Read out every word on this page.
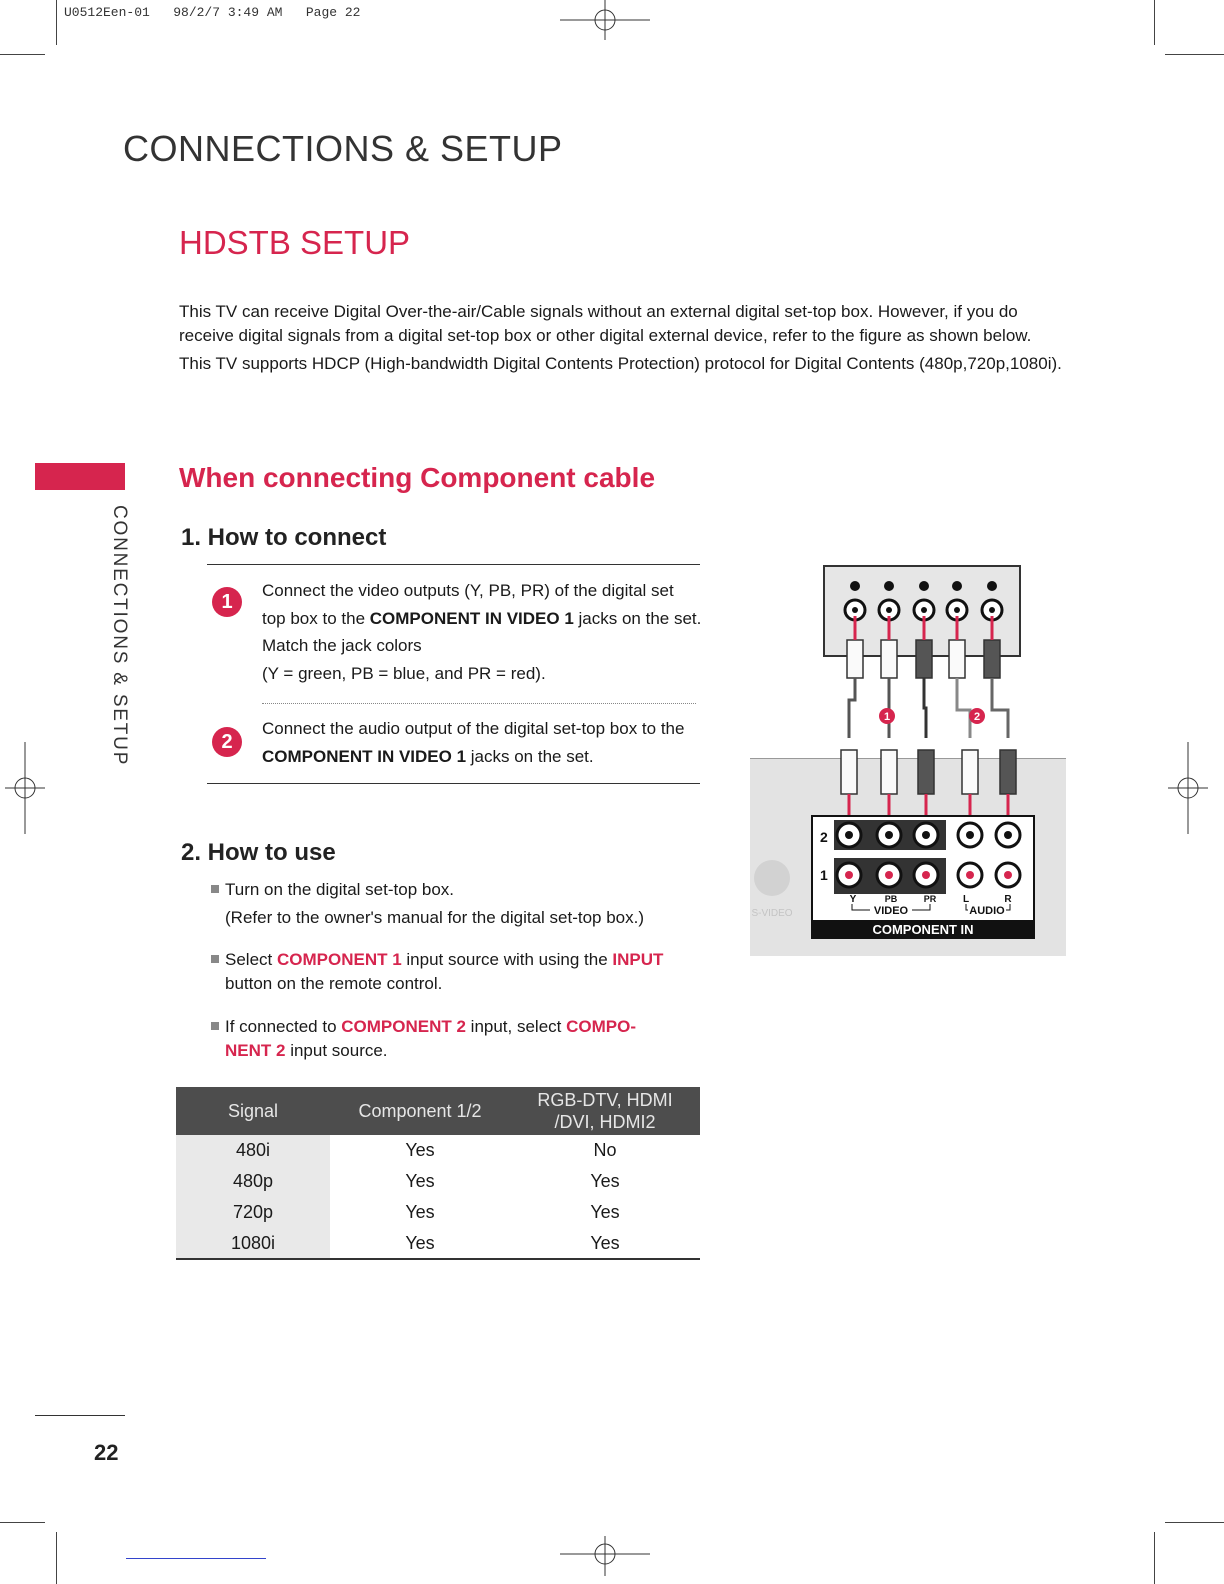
U0512Een-01   98/2/7 3:49 AM   Page 22
CONNECTIONS & SETUP
HDSTB SETUP

This TV can receive Digital Over-the-air/Cable signals without an external digital set-top box. However, if you do receive digital signals from a digital set-top box or other digital external device, refer to the figure as shown below.

This TV supports HDCP (High-bandwidth Digital Contents Protection) protocol for Digital Contents (480p,720p,1080i).

CONNECTIONS & SETUP
When connecting Component cable
1. How to connect
1
Connect the video outputs (Y, PB, PR) of the digital set top box to the COMPONENT IN VIDEO 1 jacks on the set. Match the jack colors
(Y = green, PB = blue, and PR = red).
2
Connect the audio output of the digital set-top box to the COMPONENT IN VIDEO 1 jacks on the set.
2. How to use
Turn on the digital set-top box.
(Refer to the owner's manual for the digital set-top box.)
Select COMPONENT 1 input source with using the INPUT
button on the remote control.
If connected to COMPONENT 2 input, select COMPO-
NENT 2 input source.
Signal	Component 1/2	RGB-DTV, HDMI
/DVI, HDMI2
480i	Yes	No
480p	Yes	Yes
720p	Yes	Yes
1080i	Yes	Yes
S-VIDEO
1	2
2
1
Y	PB	PR	L	R
VIDEO	AUDIO
COMPONENT IN
22
